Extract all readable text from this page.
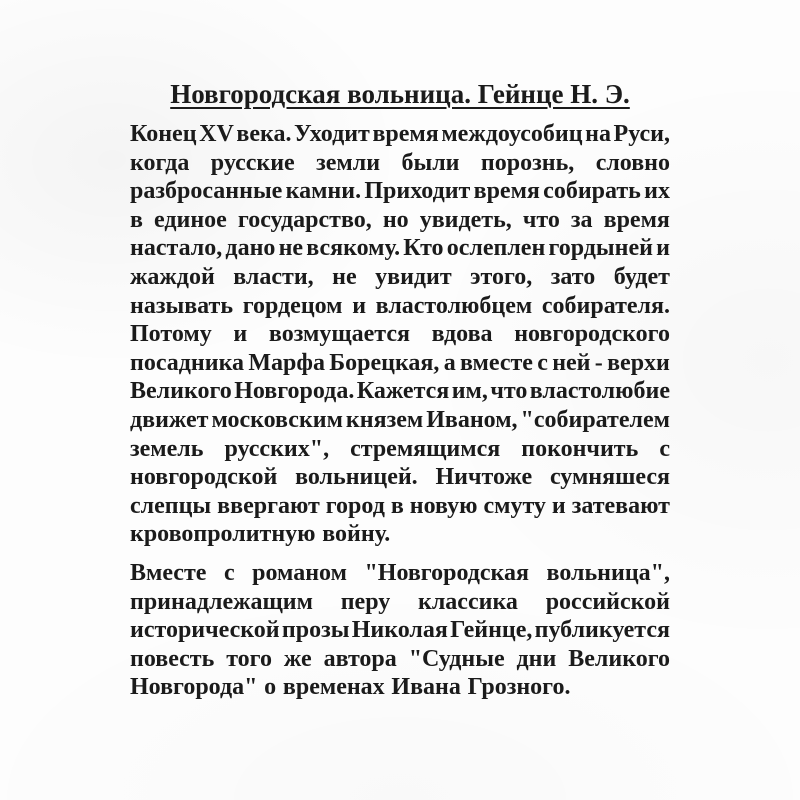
Новгородская вольница. Гейнце Н. Э.
Конец XV века. Уходит время междоусобиц на Руси,
когда русские земли были порознь, словно
разбросанные камни. Приходит время собирать их
в единое государство, но увидеть, что за время
настало, дано не всякому. Кто ослеплен гордыней и
жаждой власти, не увидит этого, зато будет
называть гордецом и властолюбцем собирателя.
Потому и возмущается вдова новгородского
посадника Марфа Борецкая, а вместе с ней - верхи
Великого Новгорода. Кажется им, что властолюбие
движет московским князем Иваном, "собирателем
земель русских", стремящимся покончить с
новгородской вольницей. Ничтоже сумняшеся
слепцы ввергают город в новую смуту и затевают
кровопролитную войну.
Вместе с романом "Новгородская вольница",
принадлежащим перу классика российской
исторической прозы Николая Гейнце, публикуется
повесть того же автора "Судные дни Великого
Новгорода" о временах Ивана Грозного.
